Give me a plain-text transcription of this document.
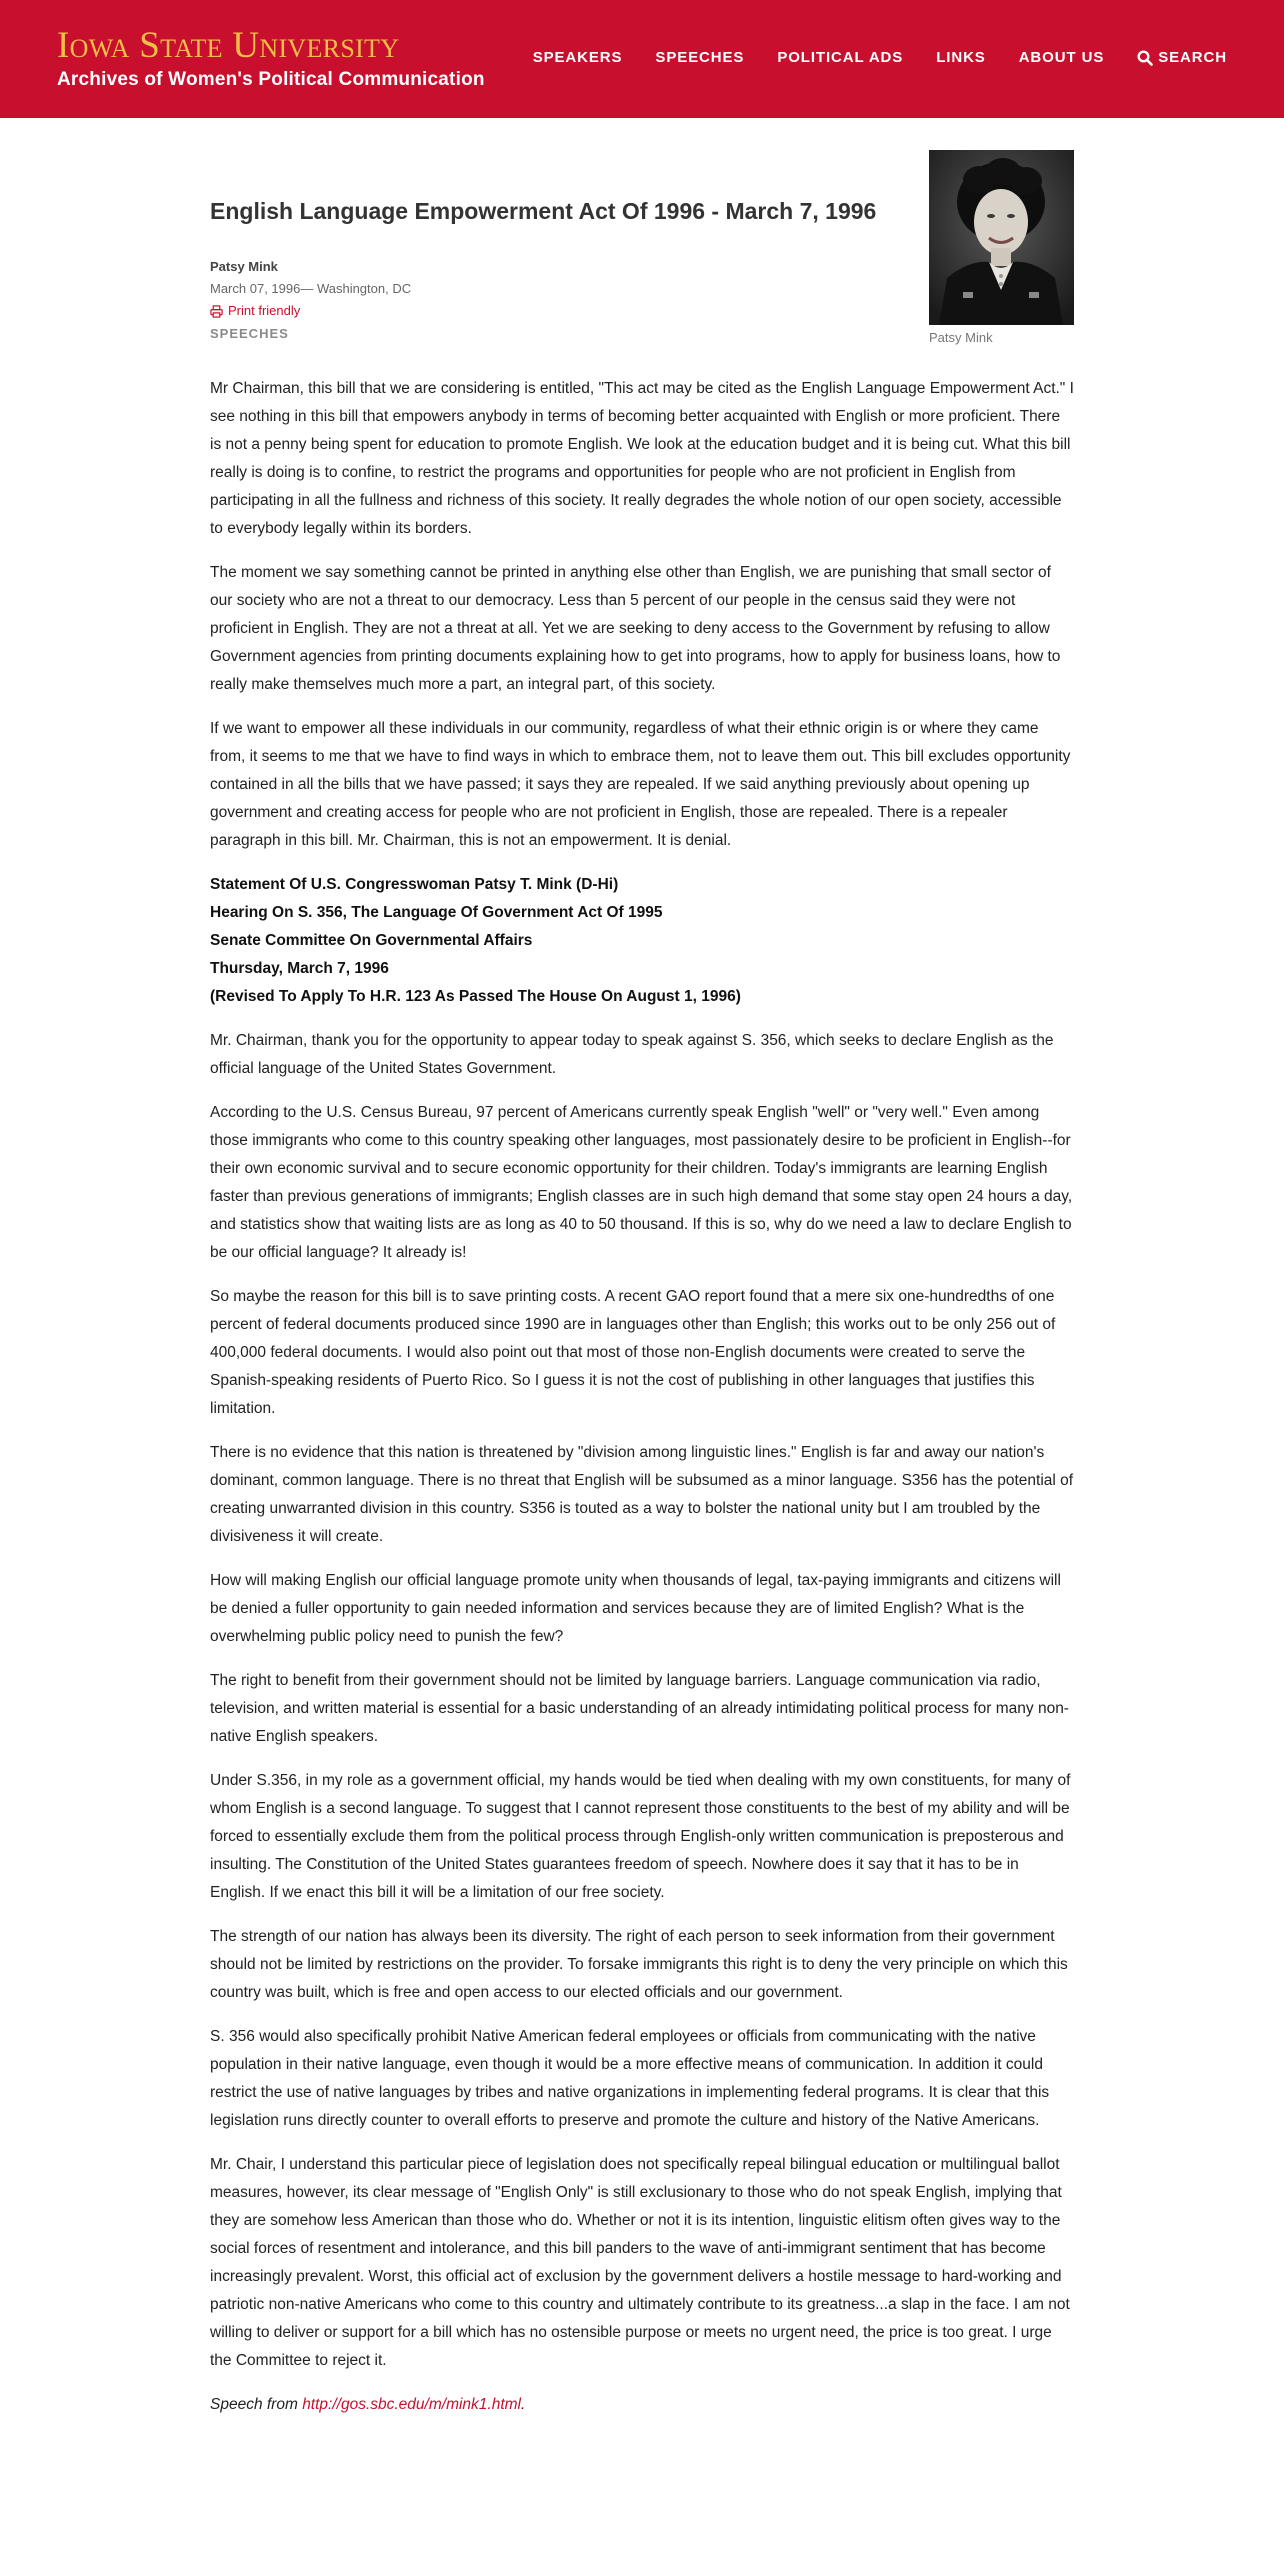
Iowa State University
Archives of Women's Political Communication
SPEAKERS SPEECHES POLITICAL ADS LINKS ABOUT US	SEARCH
English Language Empowerment Act Of 1996 - March 7, 1996
Patsy Mink
March 07, 1996— Washington, DC
Print friendly
SPEECHES	Patsy Mink

Mr Chairman, this bill that we are considering is entitled, "This act may be cited as the English Language Empowerment Act." I see nothing in this bill that empowers anybody in terms of becoming better acquainted with English or more proficient. There is not a penny being spent for education to promote English. We look at the education budget and it is being cut. What this bill really is doing is to confine, to restrict the programs and opportunities for people who are not proficient in English from participating in all the fullness and richness of this society. It really degrades the whole notion of our open society, accessible to everybody legally within its borders.

The moment we say something cannot be printed in anything else other than English, we are punishing that small sector of our society who are not a threat to our democracy. Less than 5 percent of our people in the census said they were not proficient in English. They are not a threat at all. Yet we are seeking to deny access to the Government by refusing to allow Government agencies from printing documents explaining how to get into programs, how to apply for business loans, how to really make themselves much more a part, an integral part, of this society.

If we want to empower all these individuals in our community, regardless of what their ethnic origin is or where they came from, it seems to me that we have to find ways in which to embrace them, not to leave them out. This bill excludes opportunity contained in all the bills that we have passed; it says they are repealed. If we said anything previously about opening up government and creating access for people who are not proficient in English, those are repealed. There is a repealer paragraph in this bill. Mr. Chairman, this is not an empowerment. It is denial.

Statement Of U.S. Congresswoman Patsy T. Mink (D-Hi)
Hearing On S. 356, The Language Of Government Act Of 1995
Senate Committee On Governmental Affairs
Thursday, March 7, 1996
(Revised To Apply To H.R. 123 As Passed The House On August 1, 1996)

Mr. Chairman, thank you for the opportunity to appear today to speak against S. 356, which seeks to declare English as the official language of the United States Government.

According to the U.S. Census Bureau, 97 percent of Americans currently speak English "well" or "very well." Even among those immigrants who come to this country speaking other languages, most passionately desire to be proficient in English--for their own economic survival and to secure economic opportunity for their children. Today's immigrants are learning English faster than previous generations of immigrants; English classes are in such high demand that some stay open 24 hours a day, and statistics show that waiting lists are as long as 40 to 50 thousand. If this is so, why do we need a law to declare English to be our official language? It already is!

So maybe the reason for this bill is to save printing costs. A recent GAO report found that a mere six one-hundredths of one percent of federal documents produced since 1990 are in languages other than English; this works out to be only 256 out of 400,000 federal documents. I would also point out that most of those non-English documents were created to serve the Spanish-speaking residents of Puerto Rico. So I guess it is not the cost of publishing in other languages that justifies this limitation.

There is no evidence that this nation is threatened by "division among linguistic lines." English is far and away our nation's dominant, common language. There is no threat that English will be subsumed as a minor language. S356 has the potential of creating unwarranted division in this country. S356 is touted as a way to bolster the national unity but I am troubled by the divisiveness it will create.

How will making English our official language promote unity when thousands of legal, tax-paying immigrants and citizens will be denied a fuller opportunity to gain needed information and services because they are of limited English? What is the overwhelming public policy need to punish the few?

The right to benefit from their government should not be limited by language barriers. Language communication via radio, television, and written material is essential for a basic understanding of an already intimidating political process for many non-native English speakers.

Under S.356, in my role as a government official, my hands would be tied when dealing with my own constituents, for many of whom English is a second language. To suggest that I cannot represent those constituents to the best of my ability and will be forced to essentially exclude them from the political process through English-only written communication is preposterous and insulting. The Constitution of the United States guarantees freedom of speech. Nowhere does it say that it has to be in English. If we enact this bill it will be a limitation of our free society.

The strength of our nation has always been its diversity. The right of each person to seek information from their government should not be limited by restrictions on the provider. To forsake immigrants this right is to deny the very principle on which this country was built, which is free and open access to our elected officials and our government.

S. 356 would also specifically prohibit Native American federal employees or officials from communicating with the native population in their native language, even though it would be a more effective means of communication. In addition it could restrict the use of native languages by tribes and native organizations in implementing federal programs. It is clear that this legislation runs directly counter to overall efforts to preserve and promote the culture and history of the Native Americans.

Mr. Chair, I understand this particular piece of legislation does not specifically repeal bilingual education or multilingual ballot measures, however, its clear message of "English Only" is still exclusionary to those who do not speak English, implying that they are somehow less American than those who do. Whether or not it is its intention, linguistic elitism often gives way to the social forces of resentment and intolerance, and this bill panders to the wave of anti-immigrant sentiment that has become increasingly prevalent. Worst, this official act of exclusion by the government delivers a hostile message to hard-working and patriotic non-native Americans who come to this country and ultimately contribute to its greatness...a slap in the face. I am not willing to deliver or support for a bill which has no ostensible purpose or meets no urgent need, the price is too great. I urge the Committee to reject it.

Speech from http://gos.sbc.edu/m/mink1.html.
